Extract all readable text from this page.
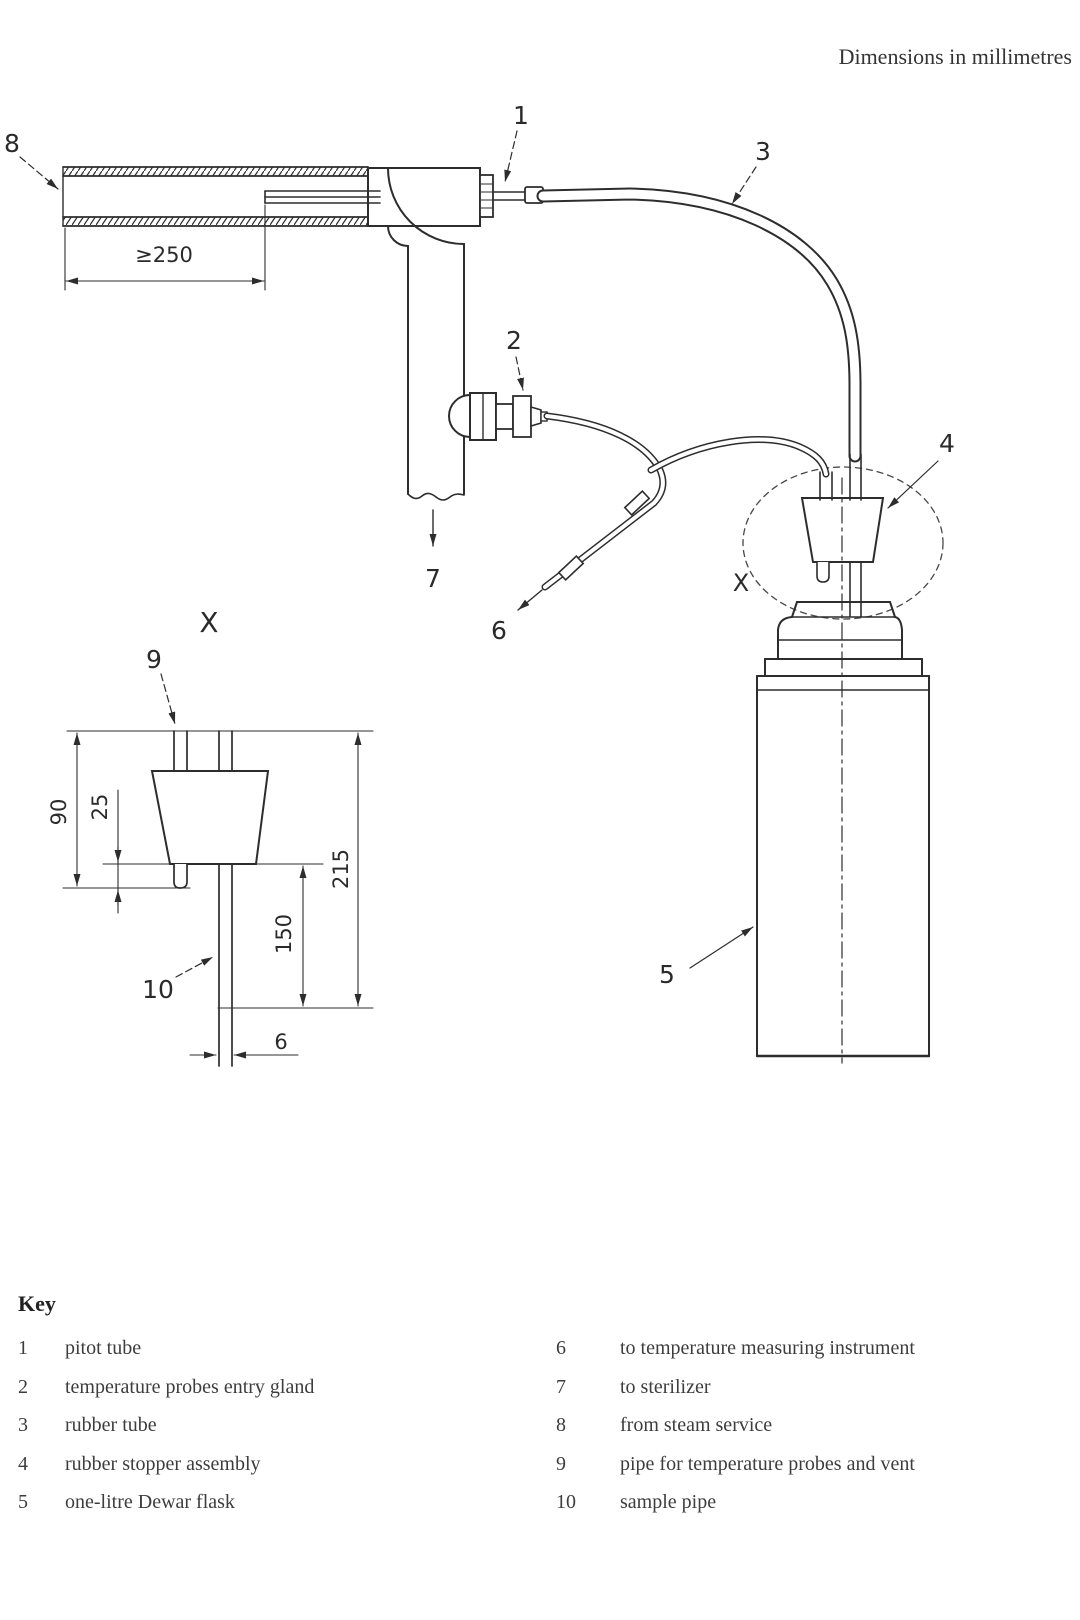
Dimensions in millimetres
≥250
8
1
3
2
7
6
4
5
X
X
90 25
150
215
6
9
10
Key
1	pitot tube
2	temperature probes entry gland
3	rubber tube
4	rubber stopper assembly
5	one-litre Dewar flask
6	to temperature measuring instrument
7	to sterilizer
8	from steam service
9	pipe for temperature probes and vent
10	sample pipe
